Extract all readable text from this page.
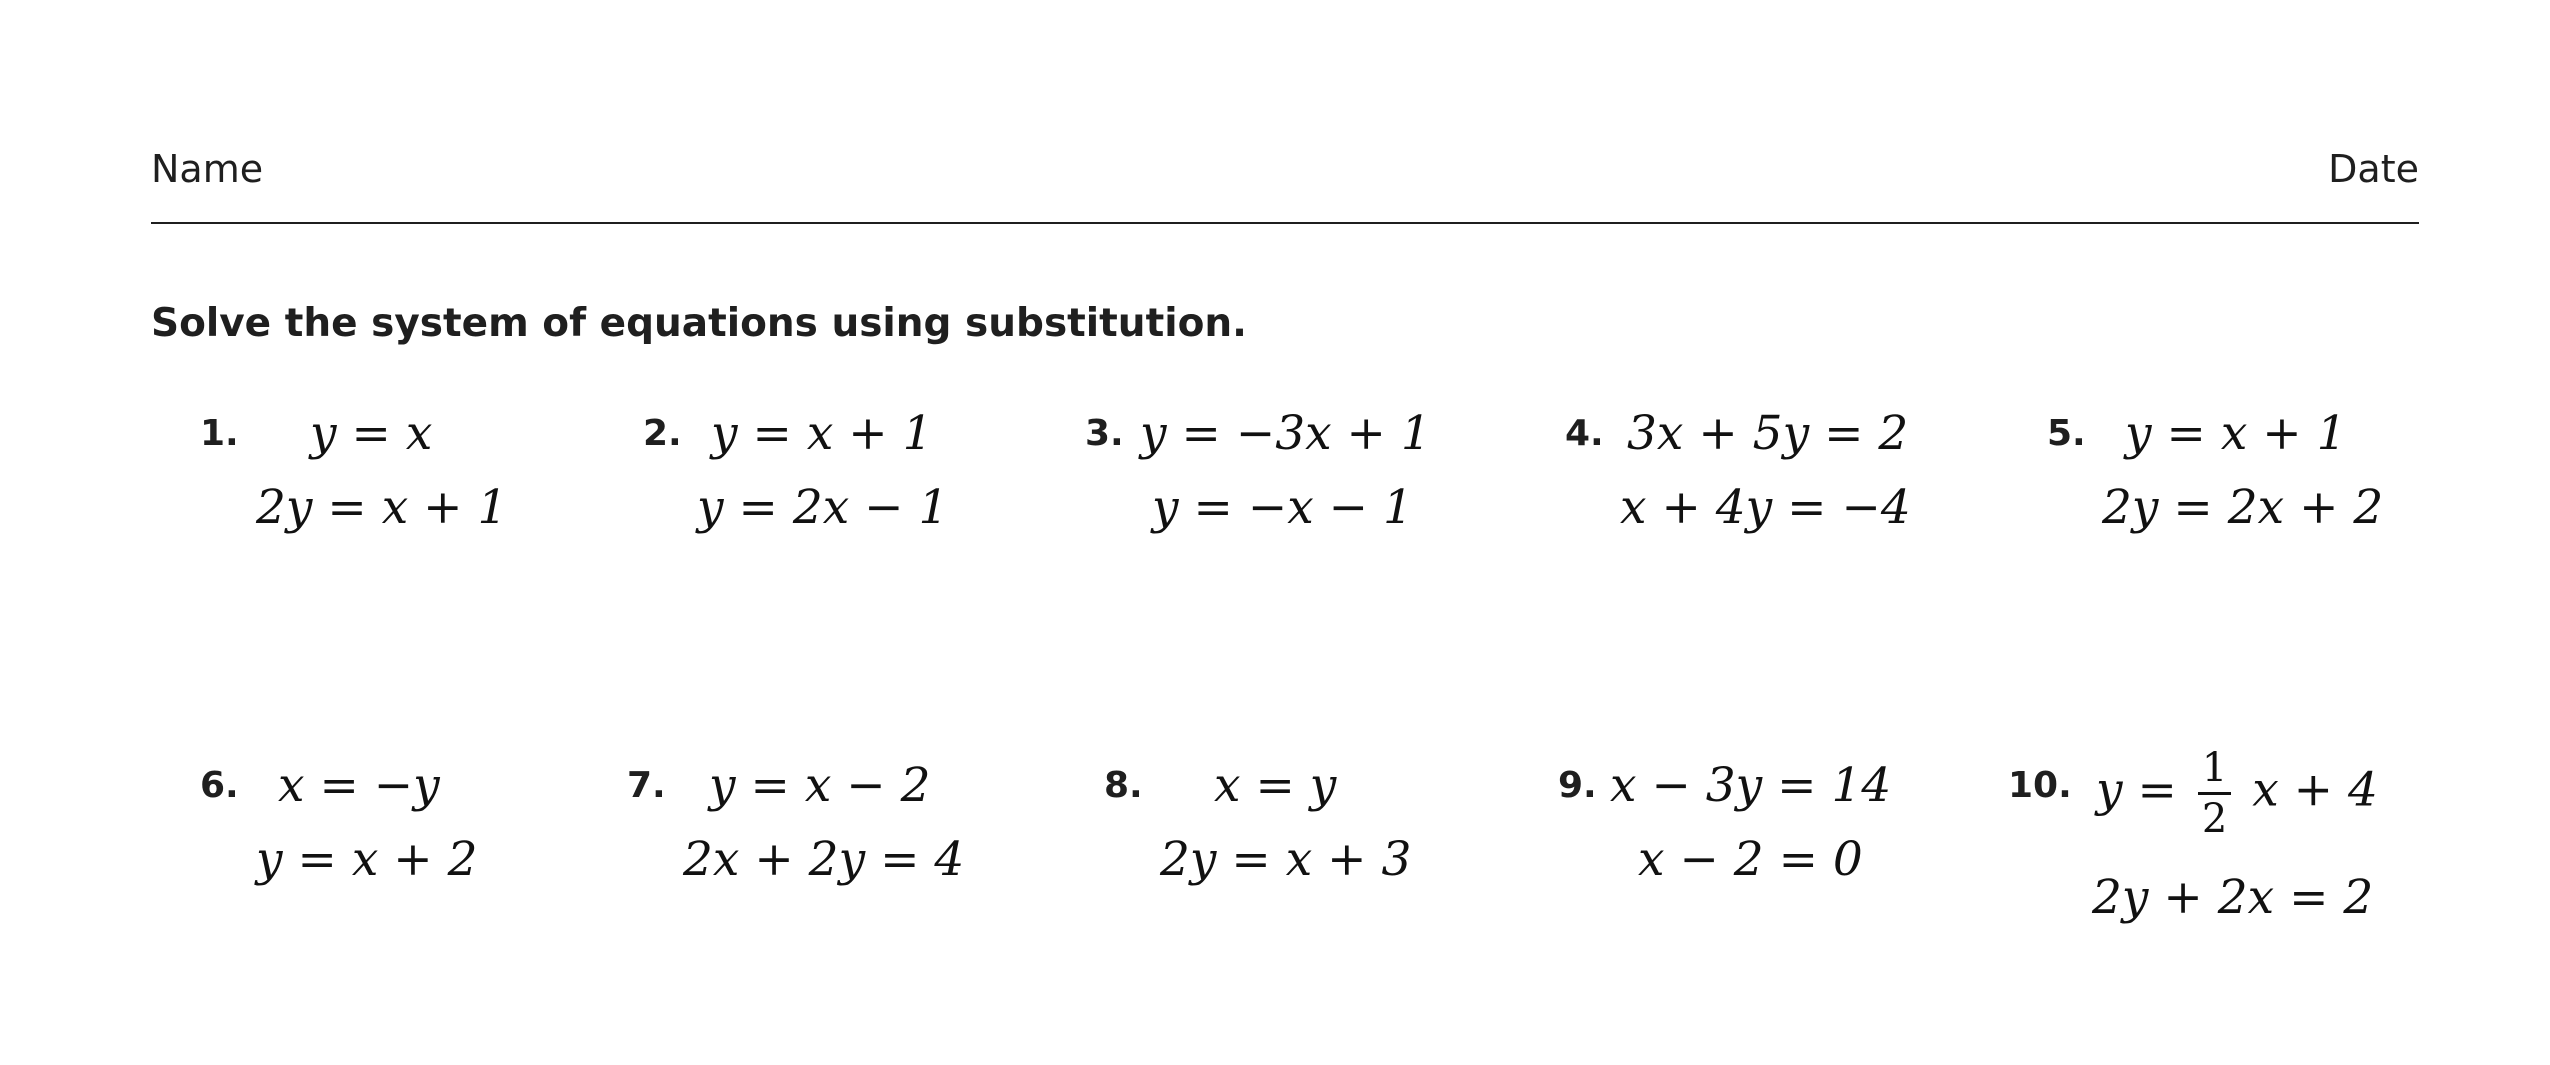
Name	Date
Solve the system of equations using substitution.
1. y = x
2y = x + 1
2. y = x + 1
y = 2x − 1
3. y = −3x + 1
y = −x − 1
4. 3x + 5y = 2
x + 4y = −4
5. y = x + 1
2y = 2x + 2
6. x = −y
y = x + 2
7. y = x − 2
2x + 2y = 4
8. x = y
2y = x + 3
9. x − 3y = 14
x − 2 = 0
10. $y = \frac{1}{2}$ x + 4
2y + 2x = 2
